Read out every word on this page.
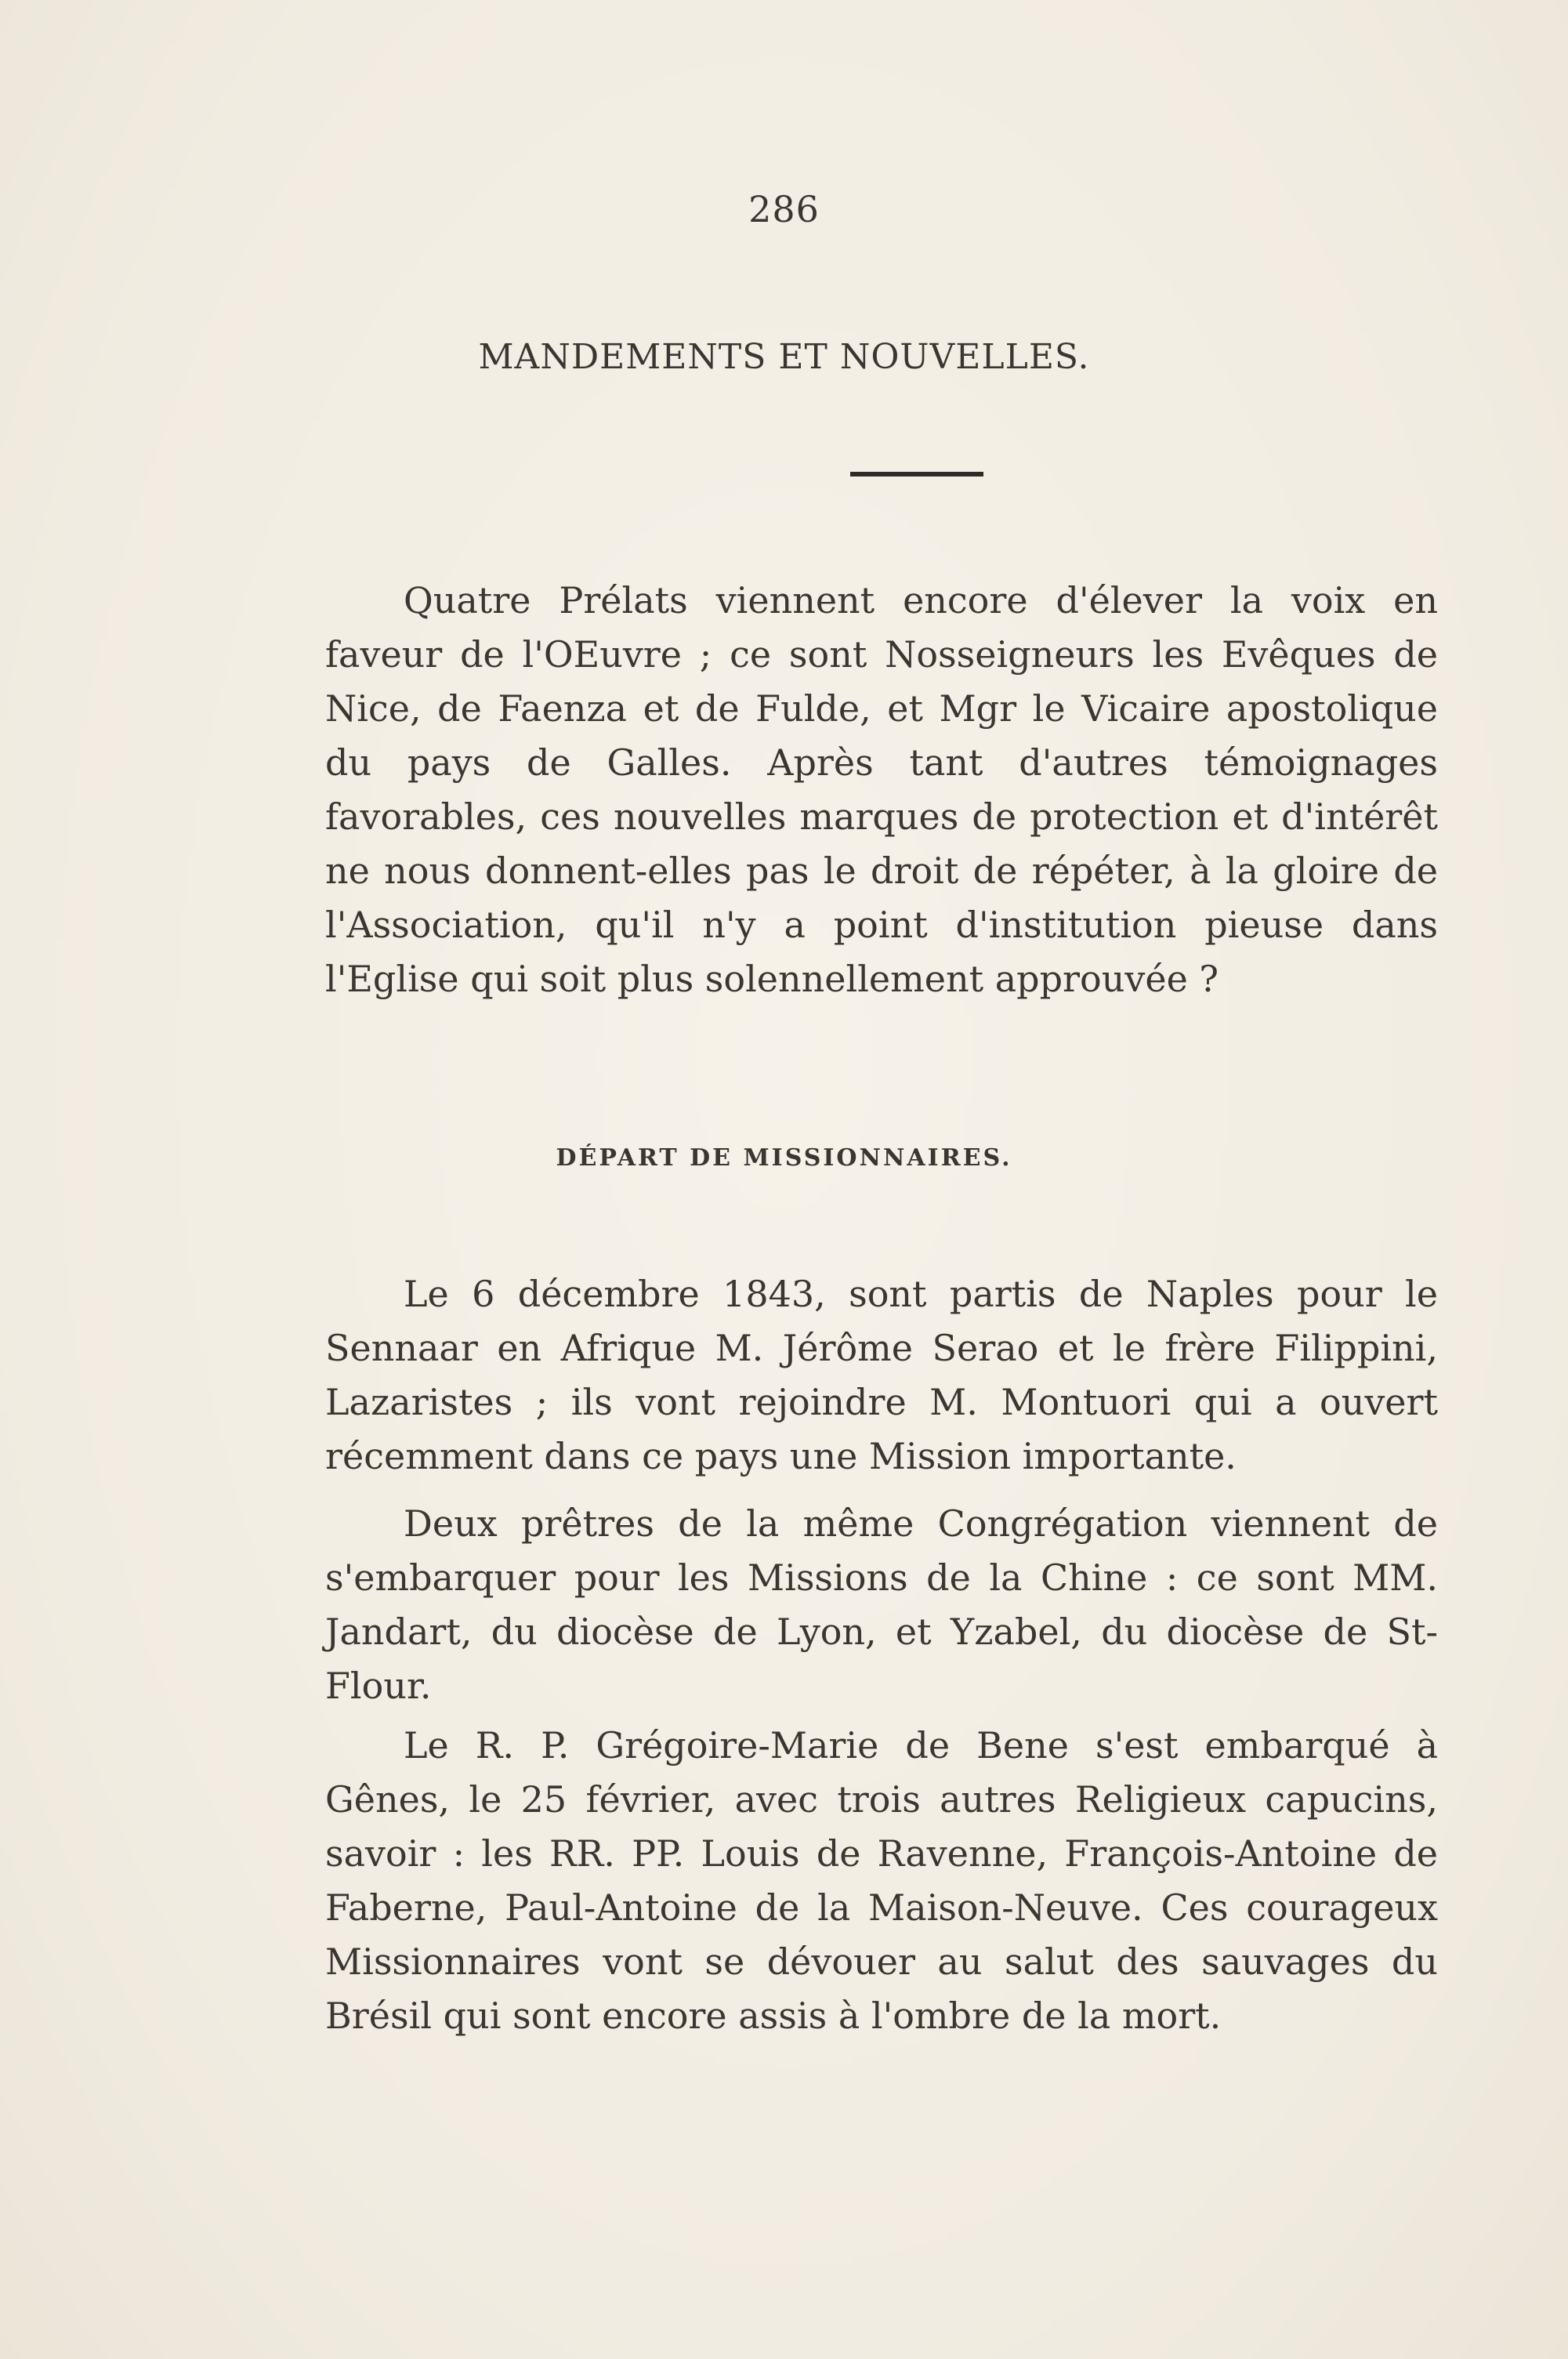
286
MANDEMENTS ET NOUVELLES.

Quatre Prélats viennent encore d'élever la voix en faveur de l'OEuvre ; ce sont Nosseigneurs les Evêques de Nice, de Faenza et de Fulde, et Mgr le Vicaire apostolique du pays de Galles. Après tant d'autres témoignages favorables, ces nouvelles marques de protection et d'intérêt ne nous donnent-elles pas le droit de répéter, à la gloire de l'Association, qu'il n'y a point d'institution pieuse dans l'Eglise qui soit plus solennellement approuvée ?

DÉPART DE MISSIONNAIRES.

Le 6 décembre 1843, sont partis de Naples pour le Sennaar en Afrique M. Jérôme Serao et le frère Filippini, Lazaristes ; ils vont rejoindre M. Montuori qui a ouvert récemment dans ce pays une Mission importante.

Deux prêtres de la même Congrégation viennent de s'embarquer pour les Missions de la Chine : ce sont MM. Jandart, du diocèse de Lyon, et Yzabel, du diocèse de St-Flour.

Le R. P. Grégoire-Marie de Bene s'est embarqué à Gênes, le 25 février, avec trois autres Religieux capucins, savoir : les RR. PP. Louis de Ravenne, François-Antoine de Faberne, Paul-Antoine de la Maison-Neuve. Ces courageux Missionnaires vont se dévouer au salut des sauvages du Brésil qui sont encore assis à l'ombre de la mort.
